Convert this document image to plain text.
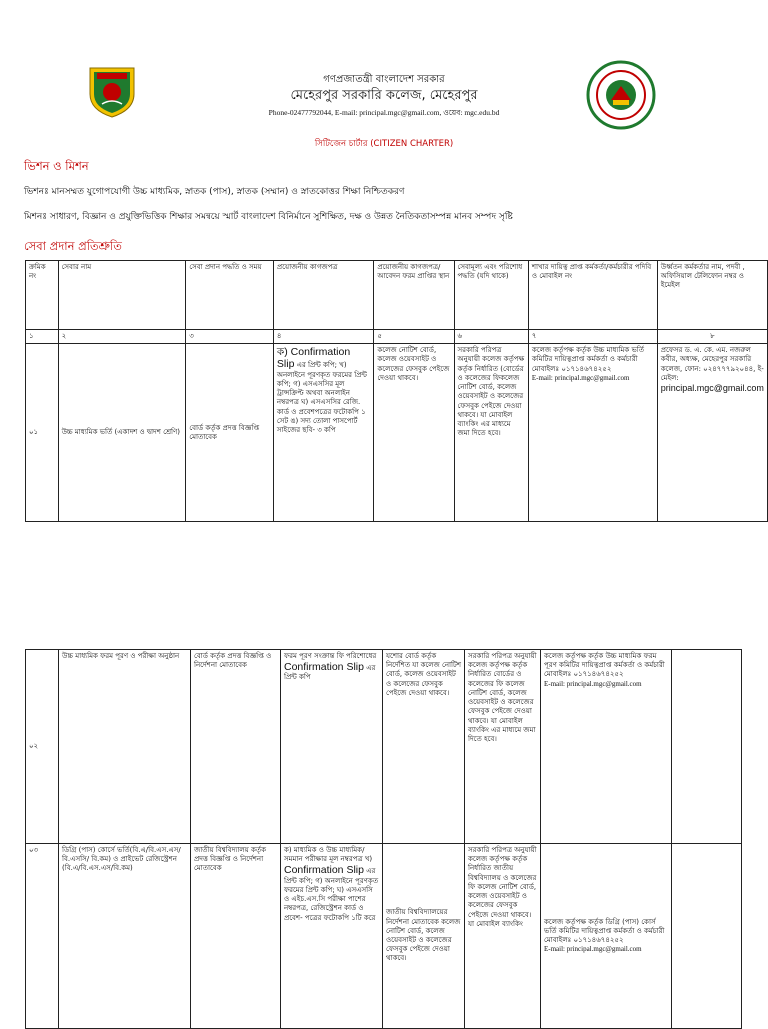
গণপ্রজাতন্ত্রী বাংলাদেশ সরকার
মেহেরপুর সরকারি কলেজ, মেহেরপুর
Phone-02477792044, E-mail: principal.mgc@gmail.com, ওয়েব: mgc.edu.bd
সিটিজেন চার্টার (CITIZEN CHARTER)
ভিশন ও মিশন
ভিশনঃ মানসম্মত যুগোপযোগী উচ্চ মাধ্যমিক, স্নাতক (পাস), স্নাতক (সম্মান) ও স্নাতকোত্তর শিক্ষা নিশ্চিতকরণ
মিশনঃ সাধারণ, বিজ্ঞান ও প্রযুক্তিভিত্তিক শিক্ষার সমন্বয়ে স্মার্ট বাংলাদেশ বিনির্মানে সুশিক্ষিত, দক্ষ ও উন্নত নৈতিকতাসম্পন্ন মানব সম্পদ সৃষ্টি
সেবা প্রদান প্রতিশ্রুতি
ক্রমিক নং	সেবার নাম	সেবা প্রদান পদ্ধতি ও সময়	প্রয়োজনীয় কাগজপত্র	প্রয়োজনীয় কাগজপত্র/আবেদন ফরম প্রাপ্তির স্থান	সেবামূল্য এবং পরিশোধ পদ্ধতি (যদি থাকে)	শাখার দায়িত্ব প্রাপ্ত কর্মকর্তা/কর্মচারীর পদিবি ও মোবাইল নং	উর্ধ্বতন কর্মকর্তার নাম, পদবী , অফিসিয়াল টেলিফোন নম্বর ও ইমেইল
১	২	৩	৪	৫	৬	৭	৮
০১	উচ্চ মাধ্যমিক ভর্তি (একাদশ ও দ্বাদশ শ্রেণি)	বোর্ড কর্তৃক প্রদত্ত বিজ্ঞপ্তি মোতাবেক	ক) Confirmation Slip এর প্রিন্ট কপি; খ) অনলাইনে পূরণকৃত ফরমের প্রিন্ট কপি; গ) এসএসসির মূল ট্রান্সক্রিপ্ট অথবা অনলাইন নম্বরপত্র ঘ) এসএসসির রেজি. কার্ড ও প্রবেশপত্রের ফটোকপি ১ সেট ঙ) সদ্য তোলা পাসপোর্ট সাইজের ছবি- ৩ কপি	কলেজ নোটিশ বোর্ড, কলেজ ওয়েবসাইট ও কলেজের ফেসবুক পেইজে দেওয়া থাকবে।	সরকারি পরিপত্র অনুযায়ী কলেজ কর্তৃপক্ষ কর্তৃক নির্ধারিত (বোর্ডের ও কলেজের ফিকলেজ নোটিশ বোর্ড, কলেজ ওয়েবসাইট ও কলেজের ফেসবুক পেইজে দেওয়া থাকবে। যা মোবাইল ব্যাংকিং এর মাধ্যমে জমা দিতে হবে।	কলেজ কর্তৃপক্ষ কর্তৃক উচ্চ মাধ্যমিক ভর্তি কমিটির দায়িত্বপ্রাপ্ত কর্মকর্তা ও কর্মচারী মোবাইলঃ ০১৭১৪৬৭৪২৫২
E-mail: principal.mgc@gmail.com	প্রফেসর ড. এ. কে. এম. নজরুল কবীর, অধ্যক্ষ, মেহেরপুর সরকারি কলেজ, ফোন: ০২৪৭৭৭৯২০৪৪, ই-মেইল:
principal.mgc@gmail.com
০২	উচ্চ মাধ্যমিক ফরম পূরণ ও পরীক্ষা অনুষ্ঠান	বোর্ড কর্তৃক প্রদত্ত বিজ্ঞপ্তি ও নির্দেশনা মোতাবেক	ফরম পূরণ সংক্রান্ত ফি পরিশোধের
Confirmation Slip এর প্রিন্ট কপি	যশোর বোর্ড কর্তৃক নির্দেশিত যা কলেজ নোটিশ বোর্ড, কলেজ ওয়েবসাইট ও কলেজের ফেসবুক পেইজে দেওয়া থাকবে।	সরকারি পরিপত্র অনুযায়ী কলেজ কর্তৃপক্ষ কর্তৃক নির্ধারিত বোর্ডের ও কলেজের ফি কলেজ নোটিশ বোর্ড, কলেজ ওয়েবসাইট ও কলেজের ফেসবুক পেইজে দেওয়া থাকবে। যা মোবাইল ব্যাংকিং এর মাধ্যমে জমা দিতে হবে।	কলেজ কর্তৃপক্ষ কর্তৃক উচ্চ মাধ্যমিক ফরম পূরণ কমিটির দায়িত্বপ্রাপ্ত কর্মকর্তা ও কর্মচারী মোবাইলঃ ০১৭১৪৬৭৪২৫২
E-mail: principal.mgc@gmail.com	
০৩	ডিগ্রি (পাস) কোর্সে ভর্তি(বি.এ/বি.এস.এস/বি.এসসি/ বি.কম) ও প্রাইভেট রেজিস্ট্রেশন (বি.এ/বি.এস.এস/বি.কম)	জাতীয় বিশ্ববিদ্যালয় কর্তৃক প্রদত্ত বিজ্ঞপ্তি ও নির্দেশনা মোতাবেক	ক) মাধ্যমিক ও উচ্চ মাধ্যমিক/সমমান পরীক্ষার মূল নম্বরপত্র খ) Confirmation Slip এর প্রিন্ট কপি; গ) অনলাইনে পূরণকৃত ফরমের প্রিন্ট কপি; ঘ) এসএসসি ও এইচ.এস.সি পরীক্ষা পাশের নম্বরপত্র, রেজিস্ট্রেশন কার্ড ও প্রবেশ- পত্রের ফটোকপি ১টি করে	জাতীয় বিশ্ববিদ্যালয়ের নির্দেশনা মোতাবেক কলেজ নোটিশ বোর্ড, কলেজ ওয়েবসাইট ও কলেজের ফেসবুক পেইজে দেওয়া থাকবে।	সরকারি পরিপত্র অনুযায়ী কলেজ কর্তৃপক্ষ কর্তৃক নির্ধারিত জাতীয় বিশ্ববিদ্যালয় ও কলেজের ফি কলেজ নোটিশ বোর্ড, কলেজ ওয়েবসাইট ও কলেজের ফেসবুক পেইজে দেওয়া থাকবে। যা মোবাইল ব্যাংকিং	কলেজ কর্তৃপক্ষ কর্তৃক ডিগ্রি (পাস) কোর্স ভর্তি কমিটির দায়িত্বপ্রাপ্ত কর্মকর্তা ও কর্মচারী মোবাইলঃ ০১৭১৪৬৭৪২৫২
E-mail: principal.mgc@gmail.com	
